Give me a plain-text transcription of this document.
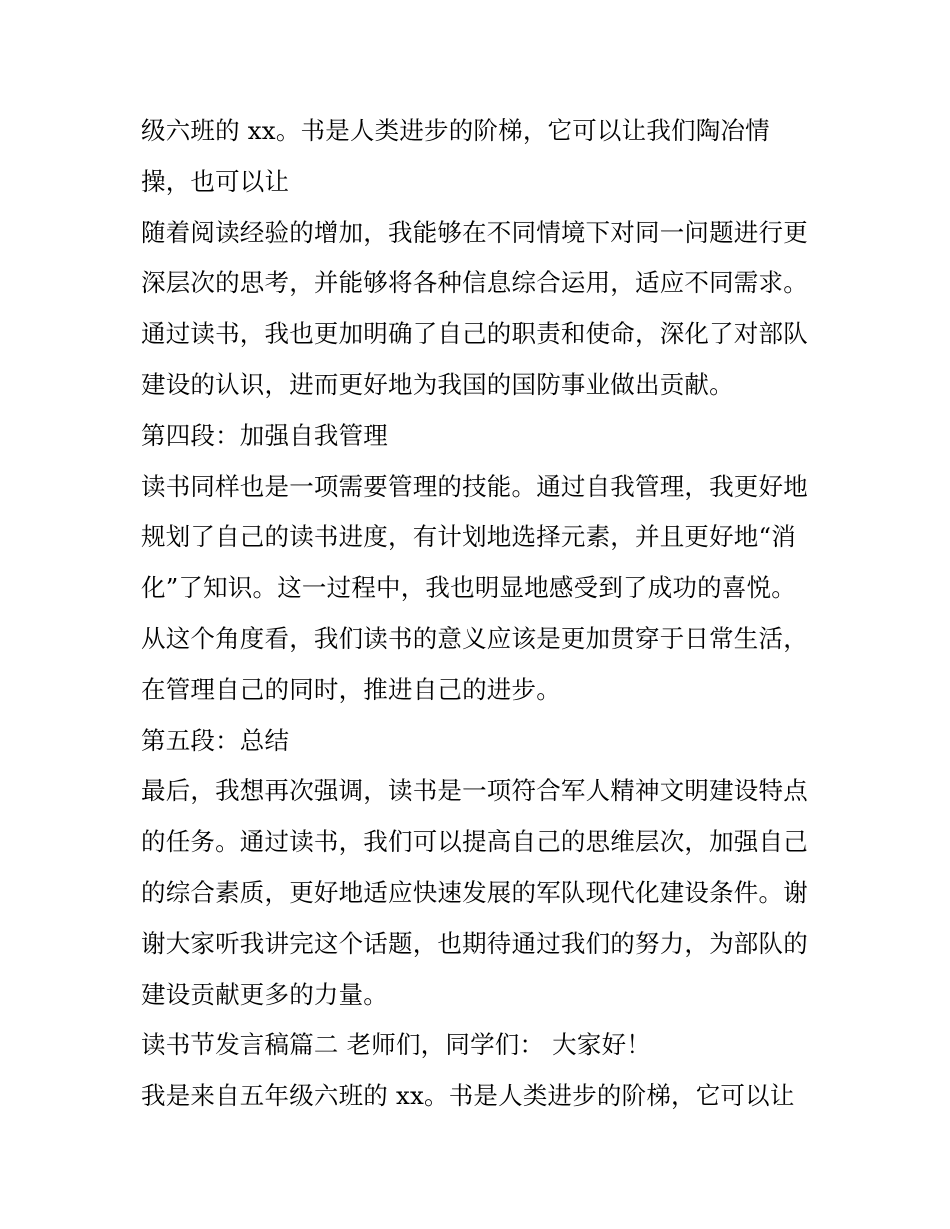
级六班的 xx。书是人类进步的阶梯，它可以让我们陶冶情
操，也可以让
随着阅读经验的增加，我能够在不同情境下对同一问题进行更
深层次的思考，并能够将各种信息综合运用，适应不同需求。
通过读书，我也更加明确了自己的职责和使命，深化了对部队
建设的认识，进而更好地为我国的国防事业做出贡献。
第四段：加强自我管理
读书同样也是一项需要管理的技能。通过自我管理，我更好地
规划了自己的读书进度，有计划地选择元素，并且更好地“消
化”了知识。这一过程中，我也明显地感受到了成功的喜悦。
从这个角度看，我们读书的意义应该是更加贯穿于日常生活，
在管理自己的同时，推进自己的进步。
第五段：总结
最后，我想再次强调，读书是一项符合军人精神文明建设特点
的任务。通过读书，我们可以提高自己的思维层次，加强自己
的综合素质，更好地适应快速发展的军队现代化建设条件。谢
谢大家听我讲完这个话题，也期待通过我们的努力，为部队的
建设贡献更多的力量。
读书节发言稿篇二 老师们，同学们： 大家好！
我是来自五年级六班的 xx。书是人类进步的阶梯，它可以让
